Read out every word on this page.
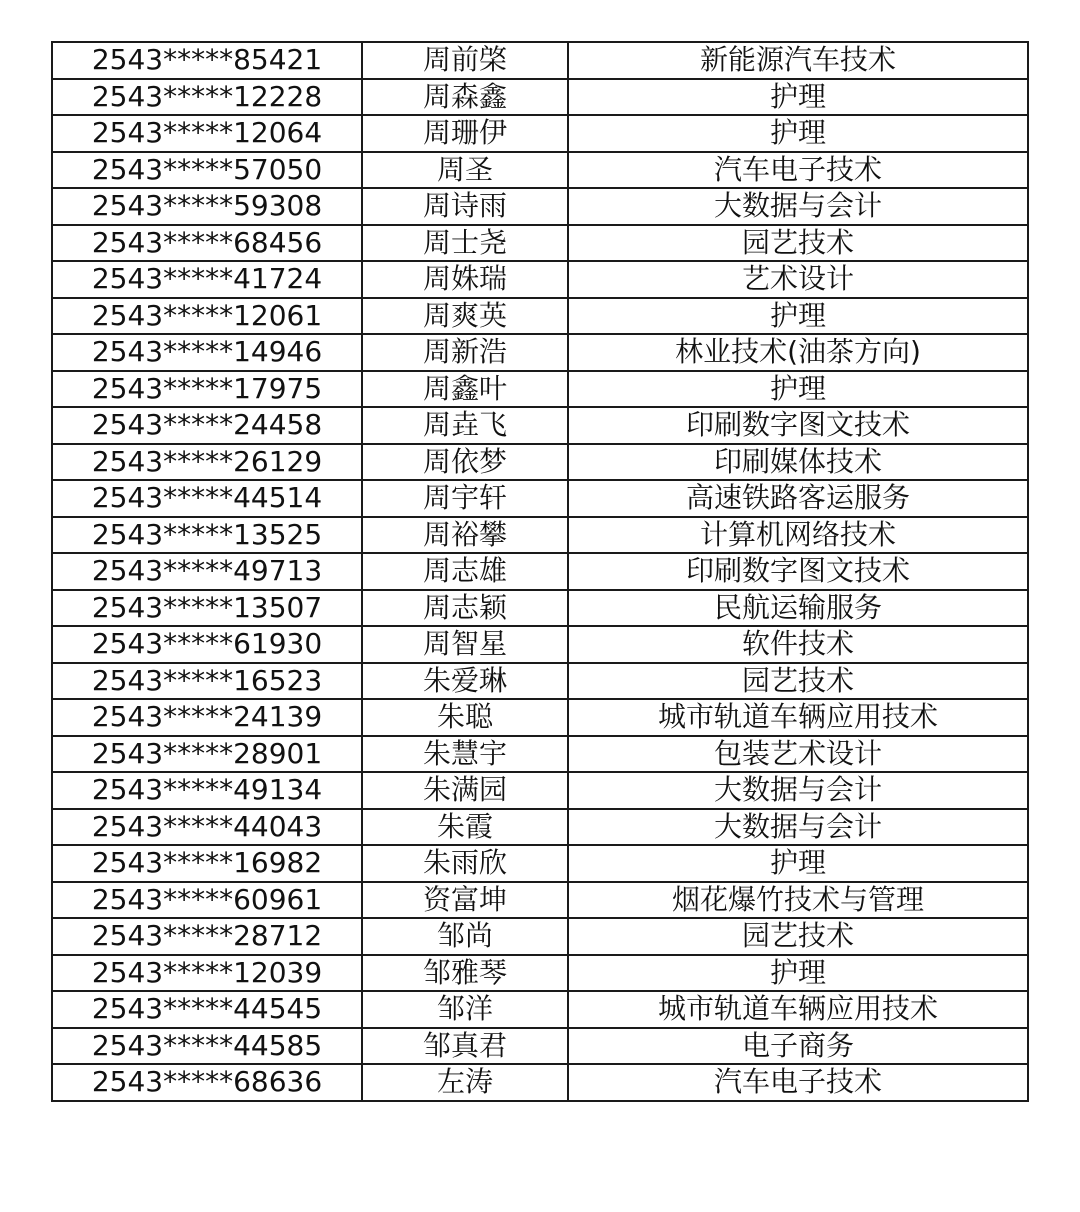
2543*****85421	周前棨	新能源汽车技术
2543*****12228	周森鑫	护理
2543*****12064	周珊伊	护理
2543*****57050	周圣	汽车电子技术
2543*****59308	周诗雨	大数据与会计
2543*****68456	周士尧	园艺技术
2543*****41724	周姝瑞	艺术设计
2543*****12061	周爽英	护理
2543*****14946	周新浩	林业技术(油茶方向)
2543*****17975	周鑫叶	护理
2543*****24458	周垚飞	印刷数字图文技术
2543*****26129	周依梦	印刷媒体技术
2543*****44514	周宇轩	高速铁路客运服务
2543*****13525	周裕攀	计算机网络技术
2543*****49713	周志雄	印刷数字图文技术
2543*****13507	周志颖	民航运输服务
2543*****61930	周智星	软件技术
2543*****16523	朱爱琳	园艺技术
2543*****24139	朱聪	城市轨道车辆应用技术
2543*****28901	朱慧宇	包装艺术设计
2543*****49134	朱满园	大数据与会计
2543*****44043	朱霞	大数据与会计
2543*****16982	朱雨欣	护理
2543*****60961	资富坤	烟花爆竹技术与管理
2543*****28712	邹尚	园艺技术
2543*****12039	邹雅琴	护理
2543*****44545	邹洋	城市轨道车辆应用技术
2543*****44585	邹真君	电子商务
2543*****68636	左涛	汽车电子技术
